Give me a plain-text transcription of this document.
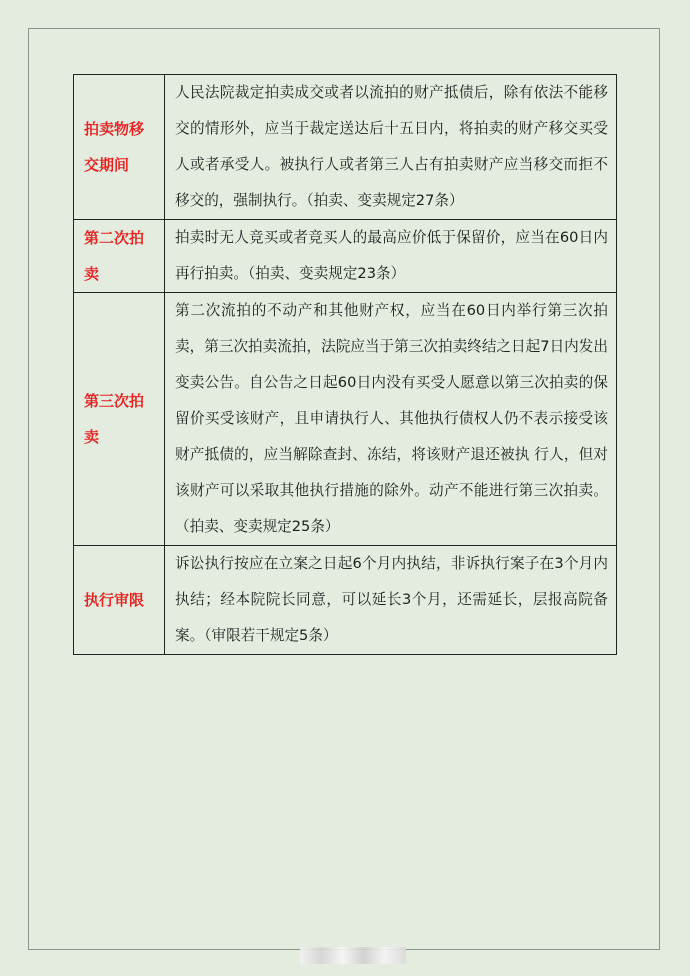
拍卖物移交期间	人民法院裁定拍卖成交或者以流拍的财产抵债后，除有依法不能移交的情形外，应当于裁定送达后十五日内，将拍卖的财产移交买受人或者承受人。被执行人或者第三人占有拍卖财产应当移交而拒不移交的，强制执行。（拍卖、变卖规定27条）
第二次拍卖	拍卖时无人竞买或者竞买人的最高应价低于保留价，应当在60日内再行拍卖。（拍卖、变卖规定23条）
第三次拍卖	第二次流拍的不动产和其他财产权，应当在60日内举行第三次拍卖，第三次拍卖流拍，法院应当于第三次拍卖终结之日起7日内发出变卖公告。自公告之日起60日内没有买受人愿意以第三次拍卖的保留价买受该财产，且申请执行人、其他执行债权人仍不表示接受该财产抵债的，应当解除查封、冻结，将该财产退还被执 行人，但对该财产可以采取其他执行措施的除外。动产不能进行第三次拍卖。（拍卖、变卖规定25条）
执行审限	诉讼执行按应在立案之日起6个月内执结，非诉执行案子在3个月内执结；经本院院长同意，可以延长3个月，还需延长，层报高院备案。（审限若干规定5条）
